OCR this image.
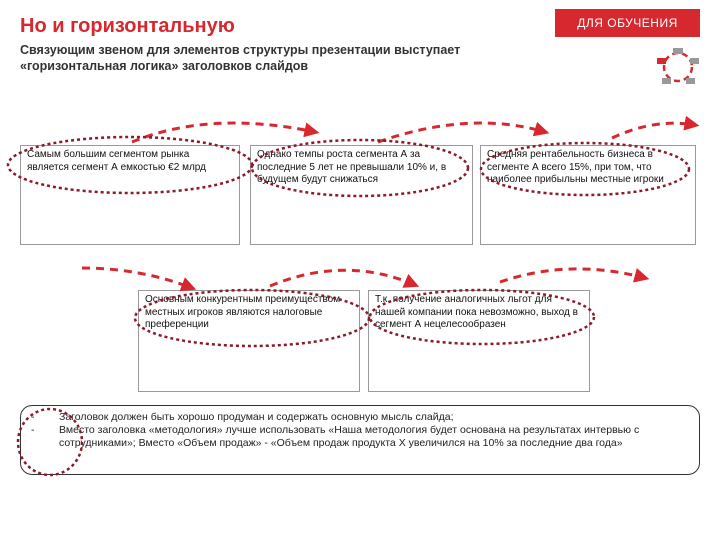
Но и горизонтальную	ДЛЯ ОБУЧЕНИЯ
Связующим звеном для элементов структуры презентации выступает «горизонтальная логика» заголовков слайдов
Самым большим сегментом рынка является сегмент А емкостью €2 млрд
Однако темпы роста сегмента А за последние 5 лет не превышали 10% и, в будущем будут снижаться
Средняя рентабельность бизнеса в сегменте А всего 15%, при том, что наиболее прибыльны местные игроки
Основным конкурентным преимуществом местных игроков являются налоговые преференции
Т.к. получение аналогичных льгот для нашей компании пока невозможно, выход в сегмент А нецелесообразен
-	Заголовок должен быть хорошо продуман и содержать основную мысль слайда;
-	Вместо заголовка «методология» лучше использовать «Наша методология будет основана на результатах интервью с сотрудниками»; Вместо «Объем продаж» - «Объем продаж продукта Х увеличился на 10% за последние два года»
